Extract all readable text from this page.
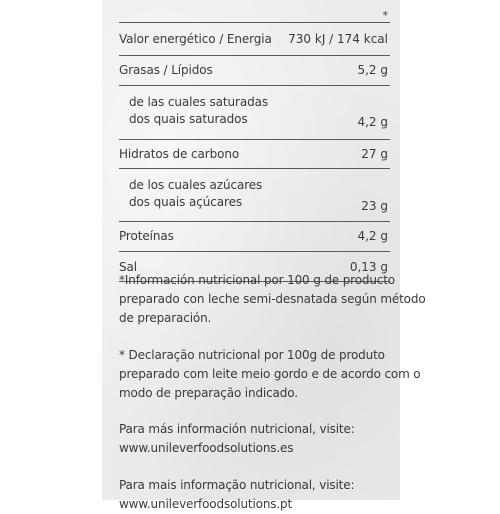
*
Valor energético / Energia 730 kJ / 174 kcal
Grasas / Lípidos	5,2 g
de las cuales saturadas
dos quais saturados	4,2 g
Hidratos de carbono	27 g
de los cuales azúcares
dos quais açúcares	23 g
Proteínas	4,2 g
Sal	0,13 g

*Información nutricional por 100 g de producto
preparado con leche semi-desnatada según método
de preparación.

* Declaração nutricional por 100g de produto
preparado com leite meio gordo e de acordo com o
modo de preparação indicado.

Para más información nutricional, visite:
www.unileverfoodsolutions.es

Para mais informação nutricional, visite:
www.unileverfoodsolutions.pt
